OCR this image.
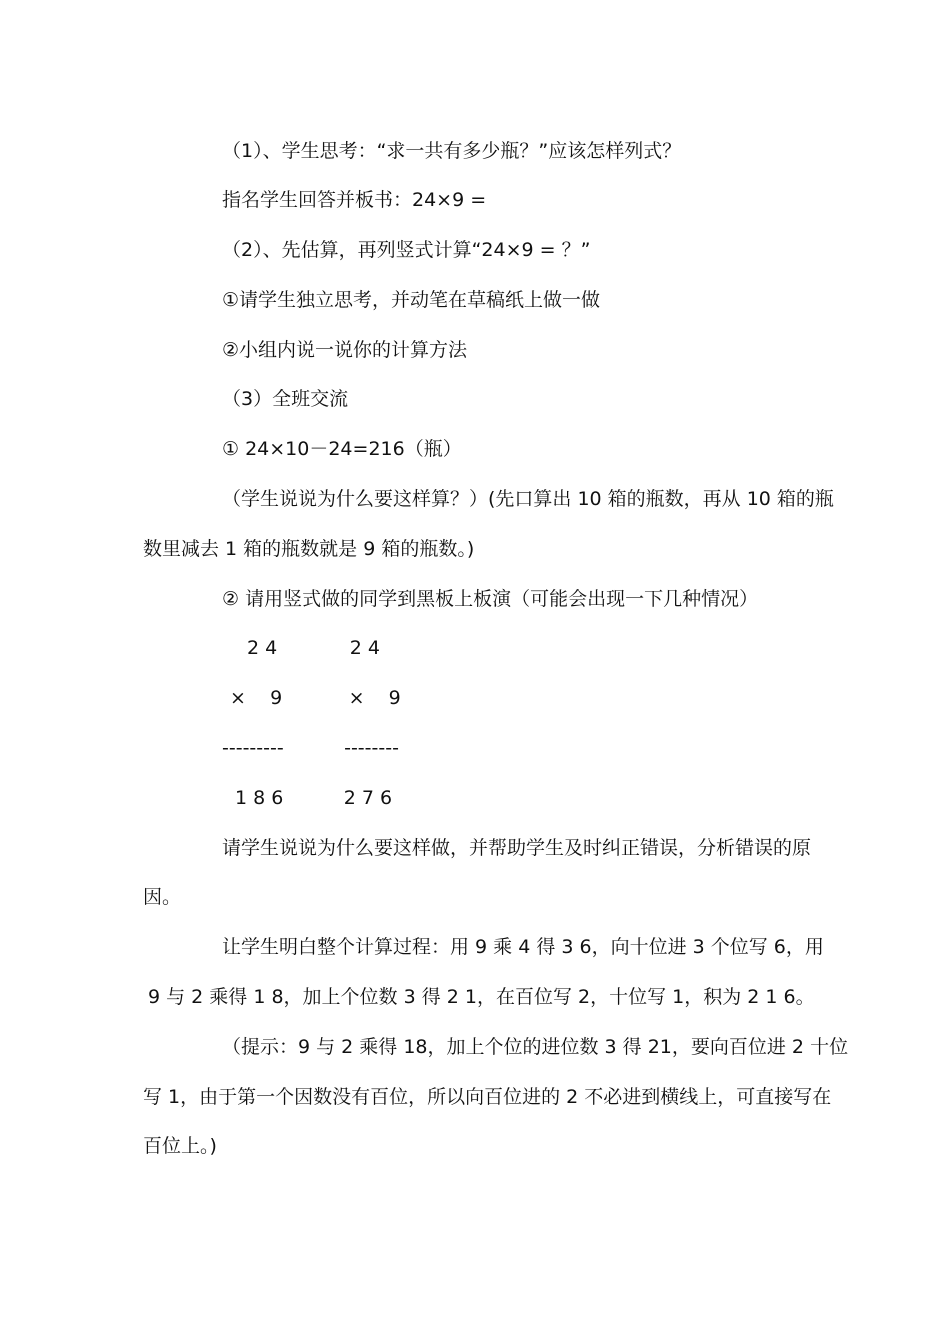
（1）、学生思考：“求一共有多少瓶？”应该怎样列式？

指名学生回答并板书：24×9 =

（2）、先估算，再列竖式计算“24×9 = ？”

①请学生独立思考，并动笔在草稿纸上做一做

②小组内说一说你的计算方法

（3）全班交流

① 24×10－24=216（瓶）

（学生说说为什么要这样算？）(先口算出 10 箱的瓶数，再从 10 箱的瓶

数里减去 1 箱的瓶数就是 9 箱的瓶数。)

② 请用竖式做的同学到黑板上板演（可能会出现一下几种情况）

2 4            2 4

×    9           ×    9

---------          --------

1 8 6          2 7 6

请学生说说为什么要这样做，并帮助学生及时纠正错误，分析错误的原

因。

让学生明白整个计算过程：用 9 乘 4 得 3 6，向十位进 3 个位写 6，用

9 与 2 乘得 1 8，加上个位数 3 得 2 1，在百位写 2，十位写 1，积为 2 1 6。

（提示：9 与 2 乘得 18，加上个位的进位数 3 得 21，要向百位进 2 十位

写 1，由于第一个因数没有百位，所以向百位进的 2 不必进到横线上，可直接写在

百位上。)
